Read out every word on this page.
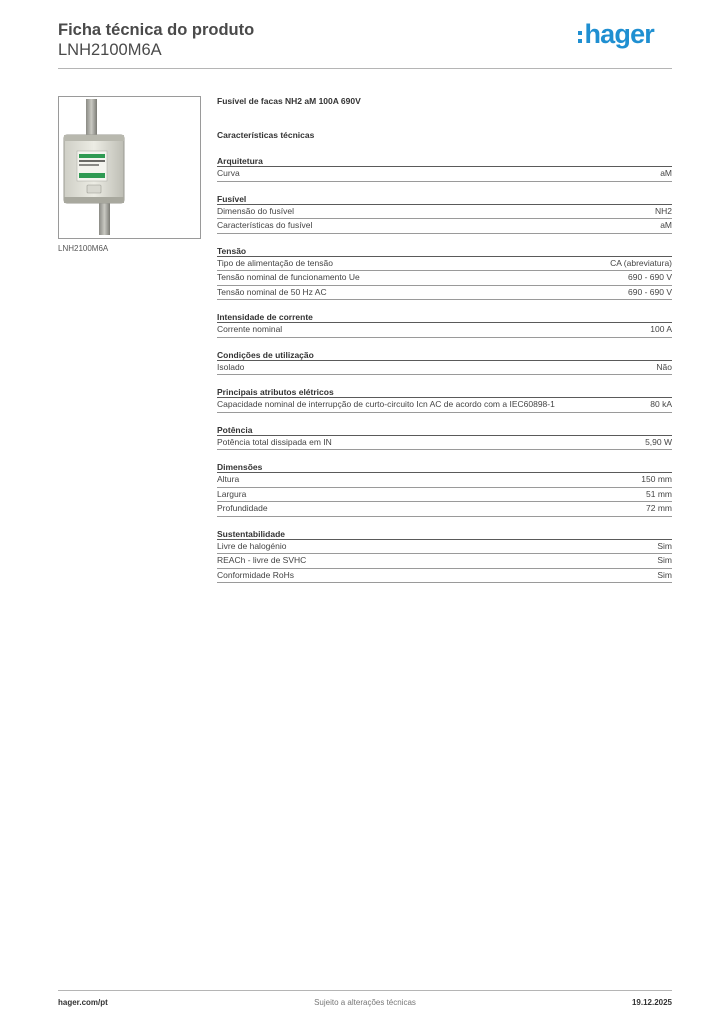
Ficha técnica do produto
LNH2100M6A
hager
LNH2100M6A
Fusível de facas NH2 aM 100A 690V
Características técnicas
Arquitetura
Curva	aM
Fusível
Dimensão do fusível	NH2
Características do fusível	aM
Tensão
Tipo de alimentação de tensão	CA (abreviatura)
Tensão nominal de funcionamento Ue	690 - 690 V
Tensão nominal de 50 Hz AC	690 - 690 V
Intensidade de corrente
Corrente nominal	100 A
Condições de utilização
Isolado	Não
Principais atributos elétricos
Capacidade nominal de interrupção de curto-circuito Icn AC de acordo com a IEC60898-1	80 kA
Potência
Potência total dissipada em IN	5,90 W
Dimensões
Altura	150 mm
Largura	51 mm
Profundidade	72 mm
Sustentabilidade
Livre de halogénio	Sim
REACh - livre de SVHC	Sim
Conformidade RoHs	Sim
Sujeito a alterações técnicas
hager.com/pt	19.12.2025
